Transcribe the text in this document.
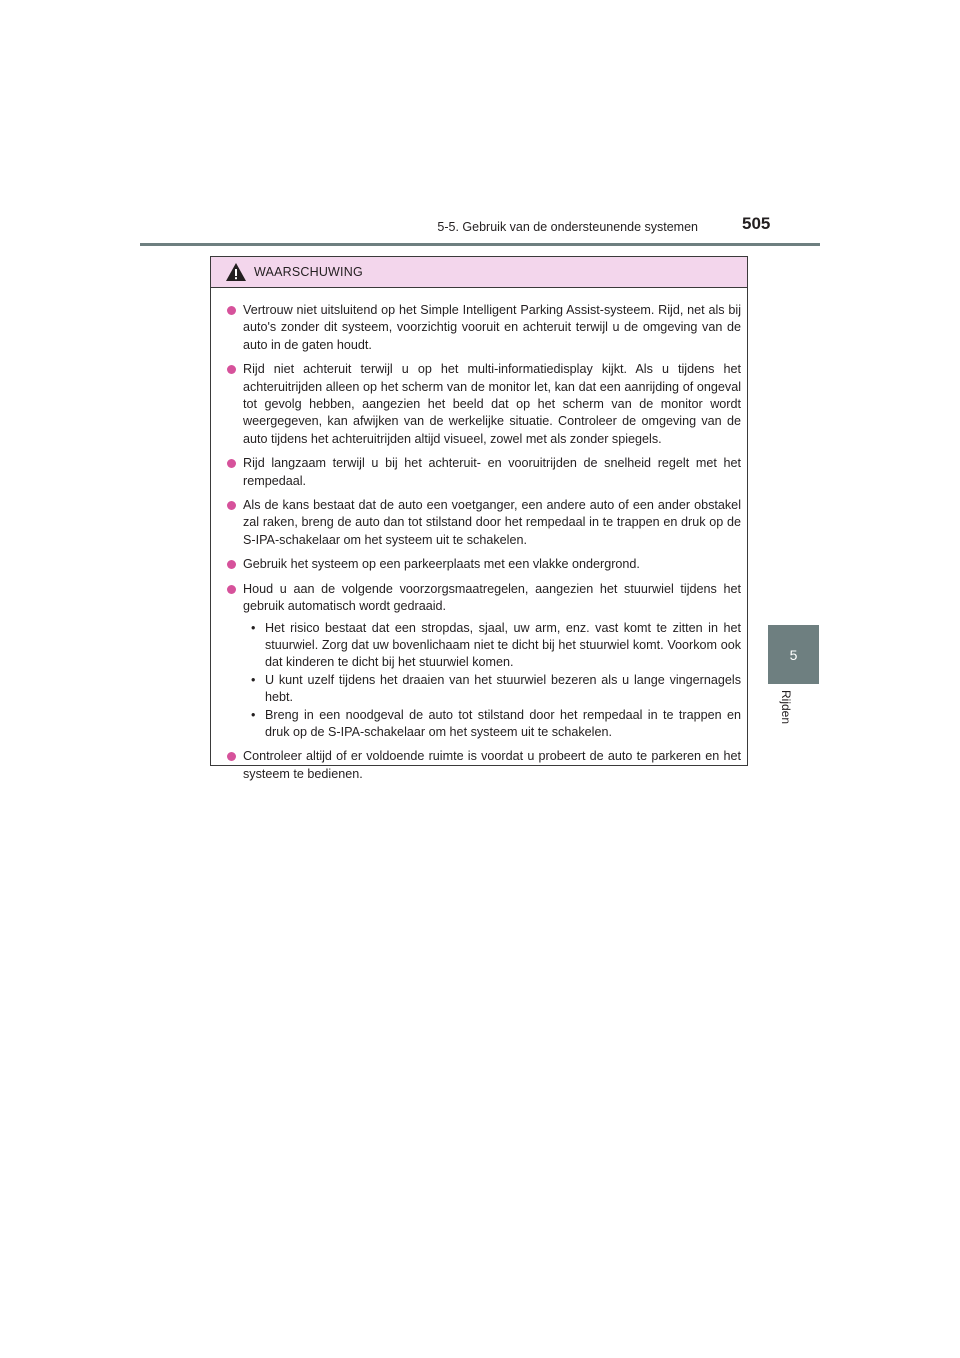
5-5. Gebruik van de ondersteunende systemen	505
5
Rijden
WAARSCHUWING
Vertrouw niet uitsluitend op het Simple Intelligent Parking Assist-systeem. Rijd, net als bij auto's zonder dit systeem, voorzichtig vooruit en achteruit terwijl u de omgeving van de auto in de gaten houdt.
Rijd niet achteruit terwijl u op het multi-informatiedisplay kijkt. Als u tijdens het achteruitrijden alleen op het scherm van de monitor let, kan dat een aanrijding of ongeval tot gevolg hebben, aangezien het beeld dat op het scherm van de monitor wordt weergegeven, kan afwijken van de werkelijke situatie. Controleer de omgeving van de auto tijdens het achteruitrijden altijd visueel, zowel met als zonder spiegels.
Rijd langzaam terwijl u bij het achteruit- en vooruitrijden de snelheid regelt met het rempedaal.
Als de kans bestaat dat de auto een voetganger, een andere auto of een ander obstakel zal raken, breng de auto dan tot stilstand door het rempedaal in te trappen en druk op de S-IPA-schakelaar om het systeem uit te schakelen.
Gebruik het systeem op een parkeerplaats met een vlakke ondergrond.
Houd u aan de volgende voorzorgsmaatregelen, aangezien het stuurwiel tijdens het gebruik automatisch wordt gedraaid.
• Het risico bestaat dat een stropdas, sjaal, uw arm, enz. vast komt te zitten in het stuurwiel. Zorg dat uw bovenlichaam niet te dicht bij het stuurwiel komt. Voorkom ook dat kinderen te dicht bij het stuurwiel komen.
• U kunt uzelf tijdens het draaien van het stuurwiel bezeren als u lange vingernagels hebt.
• Breng in een noodgeval de auto tot stilstand door het rempedaal in te trappen en druk op de S-IPA-schakelaar om het systeem uit te schakelen.
Controleer altijd of er voldoende ruimte is voordat u probeert de auto te parkeren en het systeem te bedienen.
